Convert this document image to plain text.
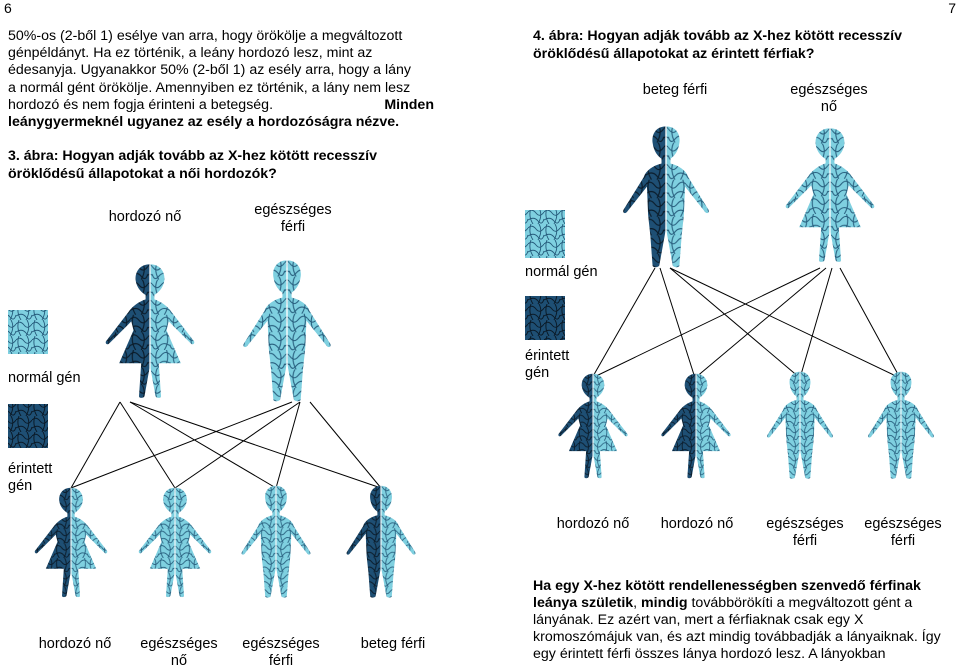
6
50%-os (2-ből 1) esélye van arra, hogy örökölje a megváltozott
génpéldányt. Ha ez történik, a leány hordozó lesz, mint az
édesanyja. Ugyanakkor 50% (2-ből 1) az esély arra, hogy a lány
a normál gént örökölje. Amennyiben ez történik, a lány nem lesz
hordozó és nem fogja érinteni a betegség.	Minden
leánygyermeknél ugyanez az esély a hordozóságra nézve.
3. ábra: Hogyan adják tovább az X-hez kötött recesszív
öröklődésű állapotokat a női hordozók?
hordozó nő	egészséges
férfi
normál gén
érintett
gén
hordozó nő	egészséges
nő
egészséges
férfi
beteg férfi
7
4. ábra: Hogyan adják tovább az X-hez kötött recesszív
öröklődésű állapotokat az érintett férfiak?
beteg férfi	egészséges
nő
normál gén
érintett
gén
hordozó nő	hordozó nő	egészséges
férfi
egészséges
férfi
Ha egy X-hez kötött rendellenességben szenvedő férfinak
leánya születik, mindig továbbörökíti a megváltozott gént a
lányának. Ez azért van, mert a férfiaknak csak egy X
kromoszómájuk van, és azt mindig továbbadják a lányaiknak. Így
egy érintett férfi összes lánya hordozó lesz. A lányokban
